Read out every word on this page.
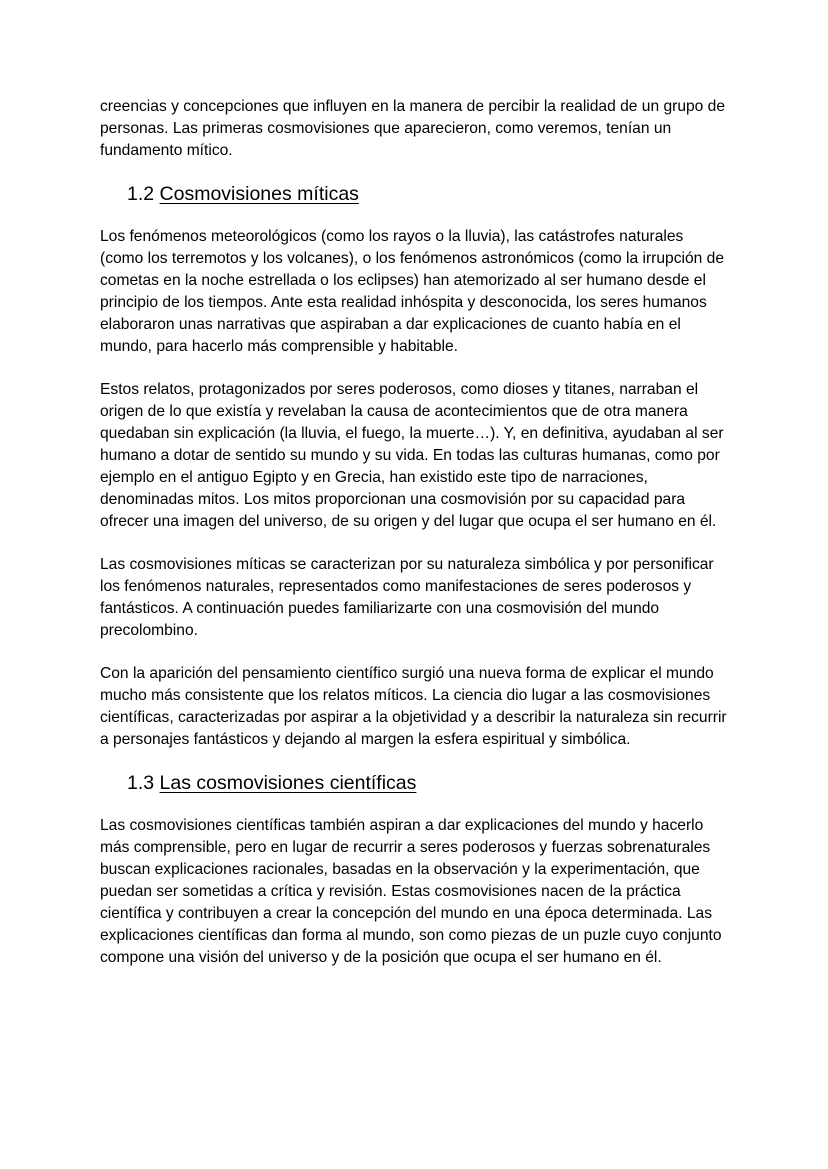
creencias y concepciones que influyen en la manera de percibir la realidad de un grupo de personas. Las primeras cosmovisiones que aparecieron, como veremos, tenían un fundamento mítico.

1.2 Cosmovisiones míticas

Los fenómenos meteorológicos (como los rayos o la lluvia), las catástrofes naturales (como los terremotos y los volcanes), o los fenómenos astronómicos (como la irrupción de cometas en la noche estrellada o los eclipses) han atemorizado al ser humano desde el principio de los tiempos. Ante esta realidad inhóspita y desconocida, los seres humanos elaboraron unas narrativas que aspiraban a dar explicaciones de cuanto había en el mundo, para hacerlo más comprensible y habitable.

Estos relatos, protagonizados por seres poderosos, como dioses y titanes, narraban el origen de lo que existía y revelaban la causa de acontecimientos que de otra manera quedaban sin explicación (la lluvia, el fuego, la muerte…). Y, en definitiva, ayudaban al ser humano a dotar de sentido su mundo y su vida. En todas las culturas humanas, como por ejemplo en el antiguo Egipto y en Grecia, han existido este tipo de narraciones, denominadas mitos. Los mitos proporcionan una cosmovisión por su capacidad para ofrecer una imagen del universo, de su origen y del lugar que ocupa el ser humano en él.

Las cosmovisiones míticas se caracterizan por su naturaleza simbólica y por personificar los fenómenos naturales, representados como manifestaciones de seres poderosos y fantásticos. A continuación puedes familiarizarte con una cosmovisión del mundo precolombino.

Con la aparición del pensamiento científico surgió una nueva forma de explicar el mundo mucho más consistente que los relatos míticos. La ciencia dio lugar a las cosmovisiones científicas, caracterizadas por aspirar a la objetividad y a describir la naturaleza sin recurrir a personajes fantásticos y dejando al margen la esfera espiritual y simbólica.

1.3 Las cosmovisiones científicas

Las cosmovisiones científicas también aspiran a dar explicaciones del mundo y hacerlo más comprensible, pero en lugar de recurrir a seres poderosos y fuerzas sobrenaturales buscan explicaciones racionales, basadas en la observación y la experimentación, que puedan ser sometidas a crítica y revisión. Estas cosmovisiones nacen de la práctica científica y contribuyen a crear la concepción del mundo en una época determinada. Las explicaciones científicas dan forma al mundo, son como piezas de un puzle cuyo conjunto compone una visión del universo y de la posición que ocupa el ser humano en él.
